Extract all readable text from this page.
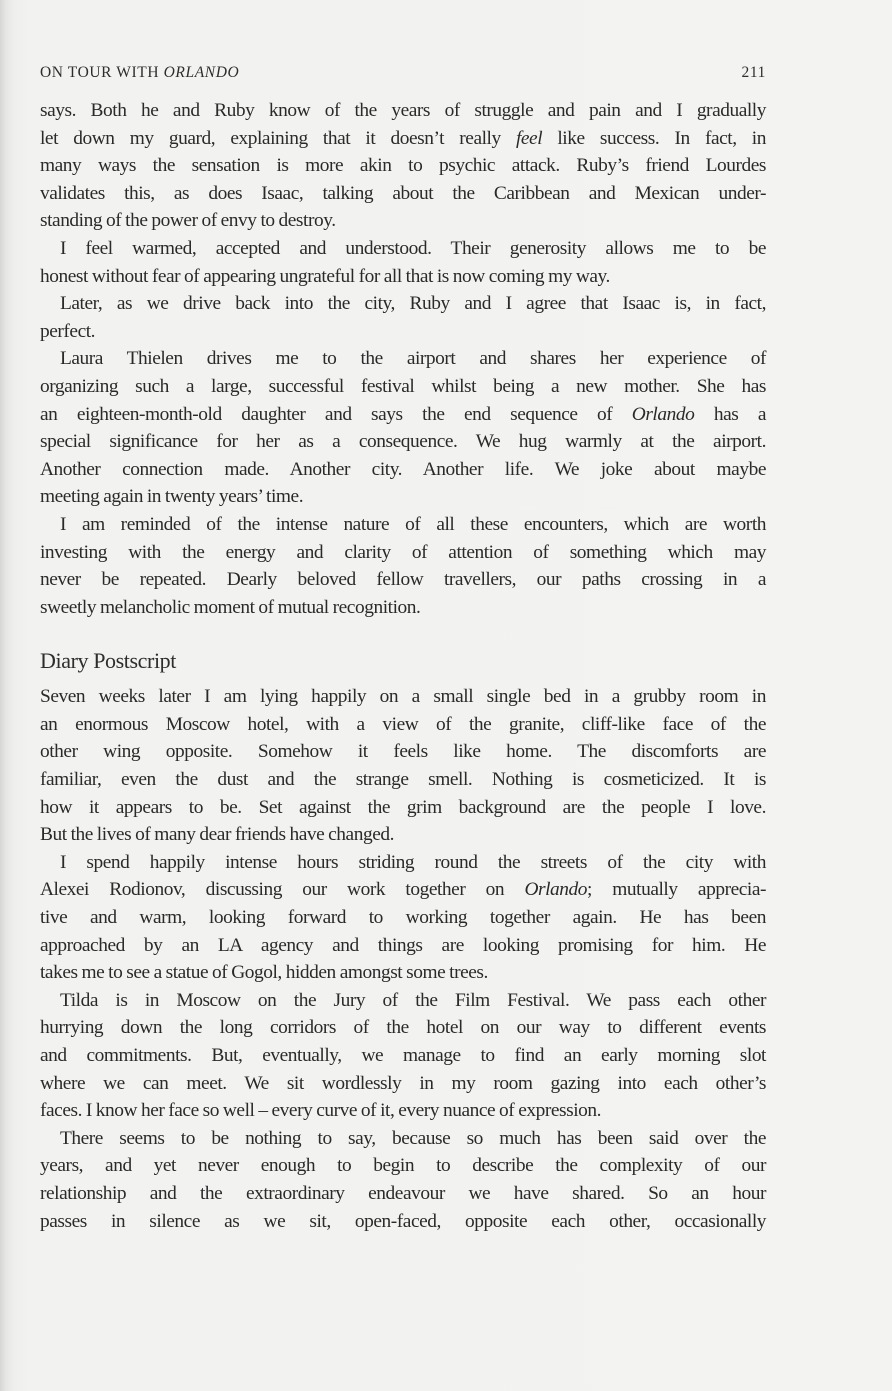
ON TOUR WITH ORLANDO	211
says. Both he and Ruby know of the years of struggle and pain and I gradually
let down my guard, explaining that it doesn’t really feel like success. In fact, in
many ways the sensation is more akin to psychic attack. Ruby’s friend Lourdes
validates this, as does Isaac, talking about the Caribbean and Mexican under-
standing of the power of envy to destroy.
I feel warmed, accepted and understood. Their generosity allows me to be
honest without fear of appearing ungrateful for all that is now coming my way.
Later, as we drive back into the city, Ruby and I agree that Isaac is, in fact,
perfect.
Laura Thielen drives me to the airport and shares her experience of
organizing such a large, successful festival whilst being a new mother. She has
an eighteen-month-old daughter and says the end sequence of Orlando has a
special significance for her as a consequence. We hug warmly at the airport.
Another connection made. Another city. Another life. We joke about maybe
meeting again in twenty years’ time.
I am reminded of the intense nature of all these encounters, which are worth
investing with the energy and clarity of attention of something which may
never be repeated. Dearly beloved fellow travellers, our paths crossing in a
sweetly melancholic moment of mutual recognition.
Diary Postscript
Seven weeks later I am lying happily on a small single bed in a grubby room in
an enormous Moscow hotel, with a view of the granite, cliff-like face of the
other wing opposite. Somehow it feels like home. The discomforts are
familiar, even the dust and the strange smell. Nothing is cosmeticized. It is
how it appears to be. Set against the grim background are the people I love.
But the lives of many dear friends have changed.
I spend happily intense hours striding round the streets of the city with
Alexei Rodionov, discussing our work together on Orlando; mutually apprecia-
tive and warm, looking forward to working together again. He has been
approached by an LA agency and things are looking promising for him. He
takes me to see a statue of Gogol, hidden amongst some trees.
Tilda is in Moscow on the Jury of the Film Festival. We pass each other
hurrying down the long corridors of the hotel on our way to different events
and commitments. But, eventually, we manage to find an early morning slot
where we can meet. We sit wordlessly in my room gazing into each other’s
faces. I know her face so well – every curve of it, every nuance of expression.
There seems to be nothing to say, because so much has been said over the
years, and yet never enough to begin to describe the complexity of our
relationship and the extraordinary endeavour we have shared. So an hour
passes in silence as we sit, open-faced, opposite each other, occasionally
